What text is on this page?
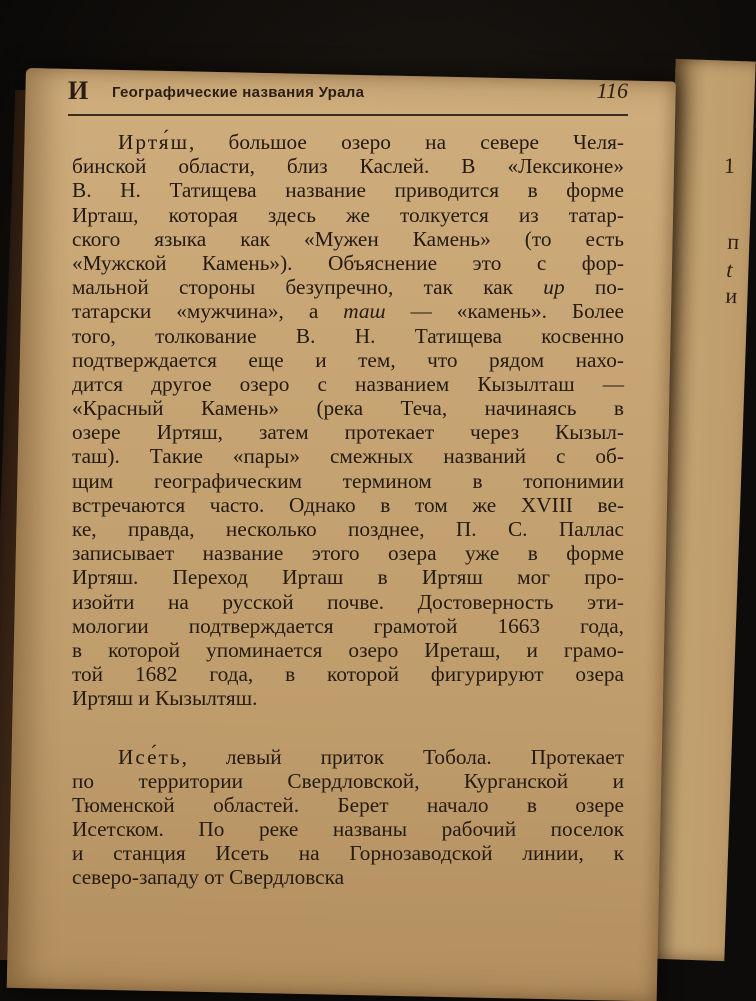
1
п
t
и
И Географические названия Урала	116
Иртя́ш, большое озеро на севере Челя-
бинской области, близ Каслей. В «Лексиконе»
В. Н. Татищева название приводится в форме
Ирташ, которая здесь же толкуется из татар-
ского языка как «Мужен Камень» (то есть
«Мужской Камень»). Объяснение это с фор-
мальной стороны безупречно, так как ир по-
татарски «мужчина», а таш — «камень». Более
того, толкование В. Н. Татищева косвенно
подтверждается еще и тем, что рядом нахо-
дится другое озеро с названием Кызылташ —
«Красный Камень» (река Теча, начинаясь в
озере Иртяш, затем протекает через Кызыл-
таш). Такие «пары» смежных названий с об-
щим географическим термином в топонимии
встречаются часто. Однако в том же XVIII ве-
ке, правда, несколько позднее, П. С. Паллас
записывает название этого озера уже в форме
Иртяш. Переход Ирташ в Иртяш мог про-
изойти на русской почве. Достоверность эти-
мологии подтверждается грамотой 1663 года,
в которой упоминается озеро Иреташ, и грамо-
той 1682 года, в которой фигурируют озера
Иртяш и Кызылтяш.
Исе́ть, левый приток Тобола. Протекает
по территории Свердловской, Курганской и
Тюменской областей. Берет начало в озере
Исетском. По реке названы рабочий поселок
и станция Исеть на Горнозаводской линии, к
северо-западу от Свердловска
